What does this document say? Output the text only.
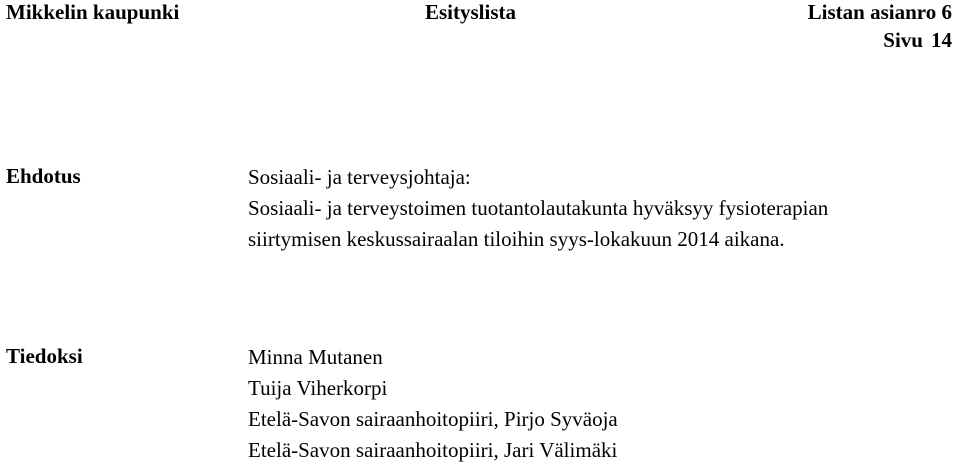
Mikkelin kaupunki	Esityslista	Listan asianro 6
Sivu 14
Ehdotus	Sosiaali- ja terveysjohtaja:
Sosiaali- ja terveystoimen tuotantolautakunta hyväksyy fysioterapian
siirtymisen keskussairaalan tiloihin syys-lokakuun 2014 aikana.
Tiedoksi	Minna Mutanen
Tuija Viherkorpi
Etelä-Savon sairaanhoitopiiri, Pirjo Syväoja
Etelä-Savon sairaanhoitopiiri, Jari Välimäki
